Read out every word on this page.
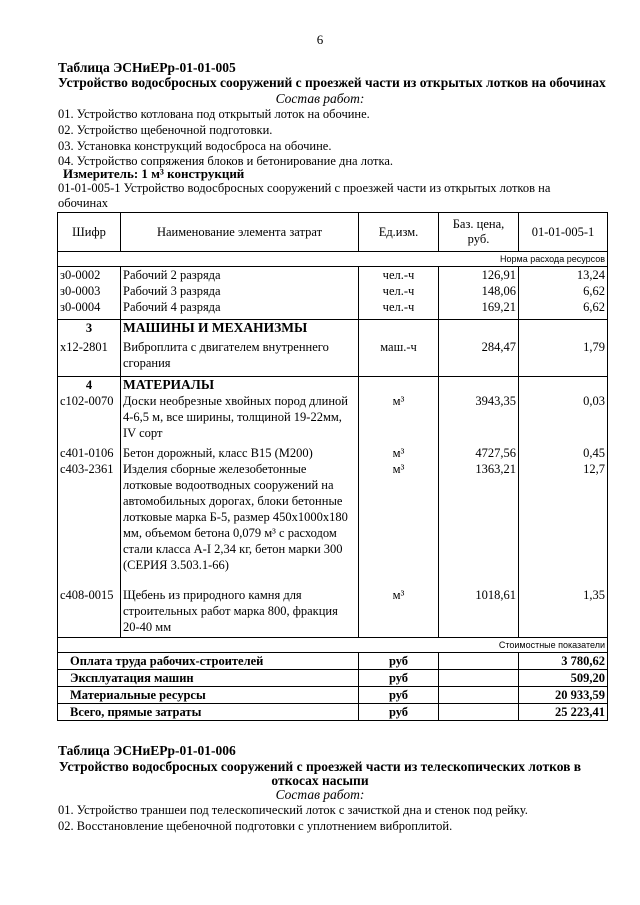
6
Таблица ЭСНиЕРр-01-01-005
Устройство водосбросных сооружений с проезжей части из открытых лотков на обочинах
Состав работ:
01. Устройство котлована под открытый лоток на обочине.
02. Устройство щебеночной подготовки.
03. Установка конструкций водосброса на обочине.
04. Устройство сопряжения блоков и бетонирование дна лотка.
Измеритель: 1 м³ конструкций
01-01-005-1 Устройство водосбросных сооружений с проезжей части из открытых лотков на
обочинах
Шифр	Наименование элемента затрат	Ед.изм.	Баз. цена, руб.	01-01-005-1
Норма расхода ресурсов				
з0-0002	Рабочий 2 разряда	чел.-ч	126,91	13,24
з0-0003	Рабочий 3 разряда	чел.-ч	148,06	6,62
з0-0004	Рабочий 4 разряда	чел.-ч	169,21	6,62
3	МАШИНЫ И МЕХАНИЗМЫ			
х12-2801	Виброплита с двигателем внутреннего сгорания	маш.-ч	284,47	1,79
4	МАТЕРИАЛЫ			
с102-0070	Доски необрезные хвойных пород длиной 4-6,5 м, все ширины, толщиной 19-22мм, IV сорт	м³	3943,35	0,03
с401-0106	Бетон дорожный, класс В15 (М200)	м³	4727,56	0,45
с403-2361	Изделия сборные железобетонные лотковые водоотводных сооружений на автомобильных дорогах, блоки бетонные лотковые марка Б-5, размер 450х1000х180 мм, объемом бетона 0,079 м³ с расходом стали класса А-I 2,34 кг, бетон марки 300 (СЕРИЯ 3.503.1-66)	м³	1363,21	12,7
с408-0015	Щебень из природного камня для строительных работ марка 800, фракция 20-40 мм	м³	1018,61	1,35
Стоимостные показатели				
Оплата труда рабочих-строителей		руб		3 780,62
Эксплуатация машин		руб		509,20
Материальные ресурсы		руб		20 933,59
Всего, прямые затраты		руб		25 223,41
Таблица ЭСНиЕРр-01-01-006
Устройство водосбросных сооружений с проезжей части из телескопических лотков в
откосах насыпи
Состав работ:
01. Устройство траншеи под телескопический лоток с зачисткой дна и стенок под рейку.
02. Восстановление щебеночной подготовки с уплотнением виброплитой.
